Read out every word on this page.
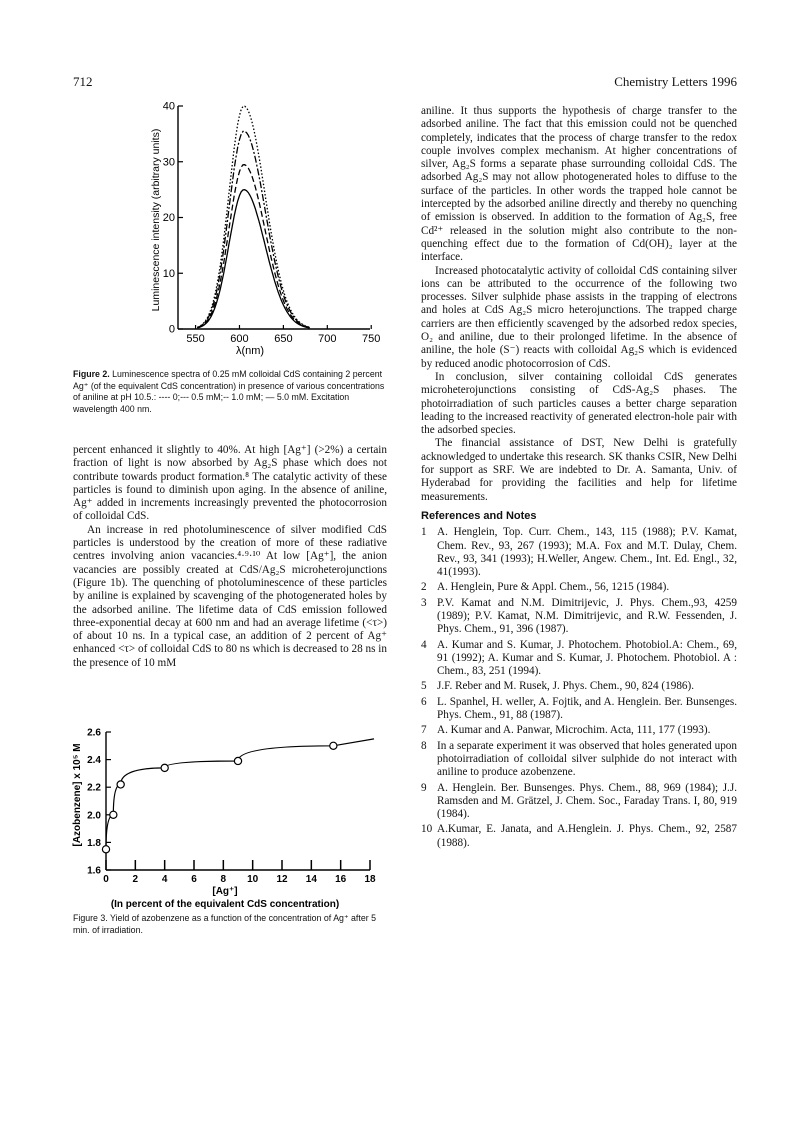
712	Chemistry Letters 1996
Luminescence intensity (arbitrary units)
λ(nm)
0
10
20
30
40
550 600 650 700 750
Figure 2. Luminescence spectra of 0.25 mM colloidal CdS containing 2 percent Ag⁺ (of the equivalent CdS concentration) in presence of various concentrations of aniline at pH 10.5.: ---- 0;--- 0.5 mM;-- 1.0 mM; — 5.0 mM. Excitation wavelength 400 nm.
[Azobenzene] x 10⁵ M
[Ag⁺]
(In percent of the equivalent CdS concentration)
1.6
1.8
2.0
2.2
2.4
2.6
0 2 4 6 8 10 12 14 16 18
Figure 3. Yield of azobenzene as a function of the concentration of Ag⁺ after 5 min. of irradiation.

percent enhanced it slightly to 40%. At high [Ag⁺] (>2%) a certain fraction of light is now absorbed by Ag₂S phase which does not contribute towards product formation.⁸ The catalytic activity of these particles is found to diminish upon aging. In the absence of aniline, Ag⁺ added in increments increasingly prevented the photocorrosion of colloidal CdS.

An increase in red photoluminescence of silver modified CdS particles is understood by the creation of more of these radiative centres involving anion vacancies.⁴·⁹·¹⁰ At low [Ag⁺], the anion vacancies are possibly created at CdS/Ag₂S microheterojunctions (Figure 1b). The quenching of photoluminescence of these particles by aniline is explained by scavenging of the photogenerated holes by the adsorbed aniline. The lifetime data of CdS emission followed three-exponential decay at 600 nm and had an average lifetime (<τ>) of about 10 ns. In a typical case, an addition of 2 percent of Ag⁺ enhanced <τ> of colloidal CdS to 80 ns which is decreased to 28 ns in the presence of 10 mM

aniline. It thus supports the hypothesis of charge transfer to the adsorbed aniline. The fact that this emission could not be quenched completely, indicates that the process of charge transfer to the redox couple involves complex mechanism. At higher concentrations of silver, Ag₂S forms a separate phase surrounding colloidal CdS. The adsorbed Ag₂S may not allow photogenerated holes to diffuse to the surface of the particles. In other words the trapped hole cannot be intercepted by the adsorbed aniline directly and thereby no quenching of emission is observed. In addition to the formation of Ag₂S, free Cd²⁺ released in the solution might also contribute to the non-quenching effect due to the formation of Cd(OH)₂ layer at the interface.

Increased photocatalytic activity of colloidal CdS containing silver ions can be attributed to the occurrence of the following two processes. Silver sulphide phase assists in the trapping of electrons and holes at CdS Ag₂S micro heterojunctions. The trapped charge carriers are then efficiently scavenged by the adsorbed redox species, O₂ and aniline, due to their prolonged lifetime. In the absence of aniline, the hole (S⁻) reacts with colloidal Ag₂S which is evidenced by reduced anodic photocorrosion of CdS.

In conclusion, silver containing colloidal CdS generates microheterojunctions consisting of CdS-Ag₂S phases. The photoirradiation of such particles causes a better charge separation leading to the increased reactivity of generated electron-hole pair with the adsorbed species.

The financial assistance of DST, New Delhi is gratefully acknowledged to undertake this research. SK thanks CSIR, New Delhi for support as SRF. We are indebted to Dr. A. Samanta, Univ. of Hyderabad for providing the facilities and help for lifetime measurements.

References and Notes
1 A. Henglein, Top. Curr. Chem., 143, 115 (1988); P.V. Kamat, Chem. Rev., 93, 267 (1993); M.A. Fox and M.T. Dulay, Chem. Rev., 93, 341 (1993); H.Weller, Angew. Chem., Int. Ed. Engl., 32, 41(1993).
2 A. Henglein, Pure & Appl. Chem., 56, 1215 (1984).
3 P.V. Kamat and N.M. Dimitrijevic, J. Phys. Chem.,93, 4259 (1989); P.V. Kamat, N.M. Dimitrijevic, and R.W. Fessenden, J. Phys. Chem., 91, 396 (1987).
4 A. Kumar and S. Kumar, J. Photochem. Photobiol.A: Chem., 69, 91 (1992); A. Kumar and S. Kumar, J. Photochem. Photobiol. A : Chem., 83, 251 (1994).
5 J.F. Reber and M. Rusek, J. Phys. Chem., 90, 824 (1986).
6 L. Spanhel, H. weller, A. Fojtik, and A. Henglein. Ber. Bunsenges. Phys. Chem., 91, 88 (1987).
7 A. Kumar and A. Panwar, Microchim. Acta, 111, 177 (1993).
8 In a separate experiment it was observed that holes generated upon photoirradiation of colloidal silver sulphide do not interact with aniline to produce azobenzene.
9 A. Henglein. Ber. Bunsenges. Phys. Chem., 88, 969 (1984); J.J. Ramsden and M. Grätzel, J. Chem. Soc., Faraday Trans. I, 80, 919 (1984).
10 A.Kumar, E. Janata, and A.Henglein. J. Phys. Chem., 92, 2587 (1988).
